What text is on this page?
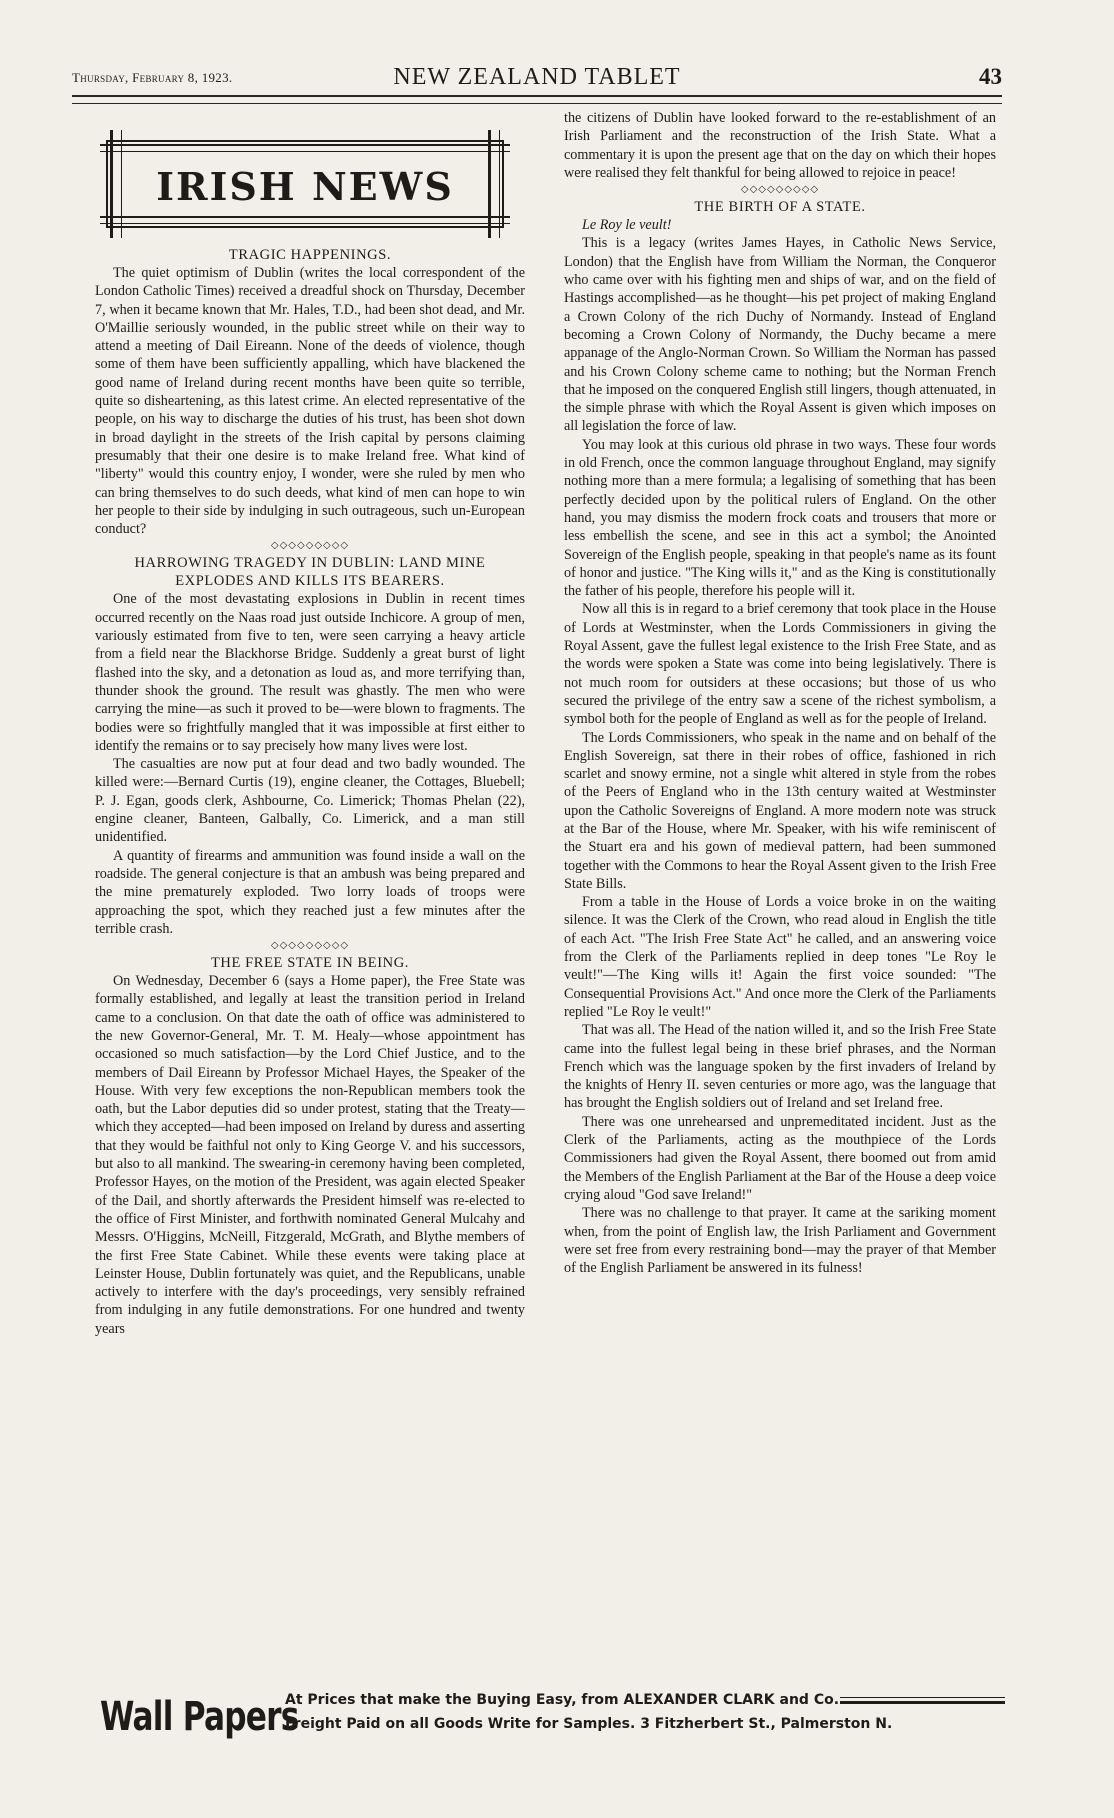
Thursday, February 8, 1923.	NEW ZEALAND TABLET	43
IRISH NEWS
TRAGIC HAPPENINGS.

The quiet optimism of Dublin (writes the local correspondent of the London Catholic Times) received a dreadful shock on Thursday, December 7, when it became known that Mr. Hales, T.D., had been shot dead, and Mr. O'Maillie seriously wounded, in the public street while on their way to attend a meeting of Dail Eireann. None of the deeds of violence, though some of them have been sufficiently appalling, which have blackened the good name of Ireland during recent months have been quite so terrible, quite so disheartening, as this latest crime. An elected representative of the people, on his way to discharge the duties of his trust, has been shot down in broad daylight in the streets of the Irish capital by persons claiming presumably that their one desire is to make Ireland free. What kind of "liberty" would this country enjoy, I wonder, were she ruled by men who can bring themselves to do such deeds, what kind of men can hope to win her people to their side by indulging in such outrageous, such un-European conduct?

◇◇◇◇◇◇◇◇◇
HARROWING TRAGEDY IN DUBLIN: LAND MINE EXPLODES AND KILLS ITS BEARERS.

One of the most devastating explosions in Dublin in recent times occurred recently on the Naas road just outside Inchicore. A group of men, variously estimated from five to ten, were seen carrying a heavy article from a field near the Blackhorse Bridge. Suddenly a great burst of light flashed into the sky, and a detonation as loud as, and more terrifying than, thunder shook the ground. The result was ghastly. The men who were carrying the mine—as such it proved to be—were blown to fragments. The bodies were so frightfully mangled that it was impossible at first either to identify the remains or to say precisely how many lives were lost.

The casualties are now put at four dead and two badly wounded. The killed were:—Bernard Curtis (19), engine cleaner, the Cottages, Bluebell; P. J. Egan, goods clerk, Ashbourne, Co. Limerick; Thomas Phelan (22), engine cleaner, Banteen, Galbally, Co. Limerick, and a man still unidentified.

A quantity of firearms and ammunition was found inside a wall on the roadside. The general conjecture is that an ambush was being prepared and the mine prematurely exploded. Two lorry loads of troops were approaching the spot, which they reached just a few minutes after the terrible crash.

◇◇◇◇◇◇◇◇◇
THE FREE STATE IN BEING.

On Wednesday, December 6 (says a Home paper), the Free State was formally established, and legally at least the transition period in Ireland came to a conclusion. On that date the oath of office was administered to the new Governor-General, Mr. T. M. Healy—whose appointment has occasioned so much satisfaction—by the Lord Chief Justice, and to the members of Dail Eireann by Professor Michael Hayes, the Speaker of the House. With very few exceptions the non-Republican members took the oath, but the Labor deputies did so under protest, stating that the Treaty—which they accepted—had been imposed on Ireland by duress and asserting that they would be faithful not only to King George V. and his successors, but also to all mankind. The swearing-in ceremony having been completed, Professor Hayes, on the motion of the President, was again elected Speaker of the Dail, and shortly afterwards the President himself was re-elected to the office of First Minister, and forthwith nominated General Mulcahy and Messrs. O'Higgins, McNeill, Fitzgerald, McGrath, and Blythe members of the first Free State Cabinet. While these events were taking place at Leinster House, Dublin fortunately was quiet, and the Republicans, unable actively to interfere with the day's proceedings, very sensibly refrained from indulging in any futile demonstrations. For one hundred and twenty years

the citizens of Dublin have looked forward to the re-establishment of an Irish Parliament and the reconstruction of the Irish State. What a commentary it is upon the present age that on the day on which their hopes were realised they felt thankful for being allowed to rejoice in peace!

◇◇◇◇◇◇◇◇◇
THE BIRTH OF A STATE.

Le Roy le veult!

This is a legacy (writes James Hayes, in Catholic News Service, London) that the English have from William the Norman, the Conqueror who came over with his fighting men and ships of war, and on the field of Hastings accomplished—as he thought—his pet project of making England a Crown Colony of the rich Duchy of Normandy. Instead of England becoming a Crown Colony of Normandy, the Duchy became a mere appanage of the Anglo-Norman Crown. So William the Norman has passed and his Crown Colony scheme came to nothing; but the Norman French that he imposed on the conquered English still lingers, though attenuated, in the simple phrase with which the Royal Assent is given which imposes on all legislation the force of law.

You may look at this curious old phrase in two ways. These four words in old French, once the common language throughout England, may signify nothing more than a mere formula; a legalising of something that has been perfectly decided upon by the political rulers of England. On the other hand, you may dismiss the modern frock coats and trousers that more or less embellish the scene, and see in this act a symbol; the Anointed Sovereign of the English people, speaking in that people's name as its fount of honor and justice. "The King wills it," and as the King is constitutionally the father of his people, therefore his people will it.

Now all this is in regard to a brief ceremony that took place in the House of Lords at Westminster, when the Lords Commissioners in giving the Royal Assent, gave the fullest legal existence to the Irish Free State, and as the words were spoken a State was come into being legislatively. There is not much room for outsiders at these occasions; but those of us who secured the privilege of the entry saw a scene of the richest symbolism, a symbol both for the people of England as well as for the people of Ireland.

The Lords Commissioners, who speak in the name and on behalf of the English Sovereign, sat there in their robes of office, fashioned in rich scarlet and snowy ermine, not a single whit altered in style from the robes of the Peers of England who in the 13th century waited at Westminster upon the Catholic Sovereigns of England. A more modern note was struck at the Bar of the House, where Mr. Speaker, with his wife reminiscent of the Stuart era and his gown of medieval pattern, had been summoned together with the Commons to hear the Royal Assent given to the Irish Free State Bills.

From a table in the House of Lords a voice broke in on the waiting silence. It was the Clerk of the Crown, who read aloud in English the title of each Act. "The Irish Free State Act" he called, and an answering voice from the Clerk of the Parliaments replied in deep tones "Le Roy le veult!"—The King wills it! Again the first voice sounded: "The Consequential Provisions Act." And once more the Clerk of the Parliaments replied "Le Roy le veult!"

That was all. The Head of the nation willed it, and so the Irish Free State came into the fullest legal being in these brief phrases, and the Norman French which was the language spoken by the first invaders of Ireland by the knights of Henry II. seven centuries or more ago, was the language that has brought the English soldiers out of Ireland and set Ireland free.

There was one unrehearsed and unpremeditated incident. Just as the Clerk of the Parliaments, acting as the mouthpiece of the Lords Commissioners had given the Royal Assent, there boomed out from amid the Members of the English Parliament at the Bar of the House a deep voice crying aloud "God save Ireland!"

There was no challenge to that prayer. It came at the sariking moment when, from the point of English law, the Irish Parliament and Government were set free from every restraining bond—may the prayer of that Member of the English Parliament be answered in its fulness!

Wall Papers
At Prices that make the Buying Easy, from ALEXANDER CLARK and Co.
Freight Paid on all Goods Write for Samples. 3 Fitzherbert St., Palmerston N.
